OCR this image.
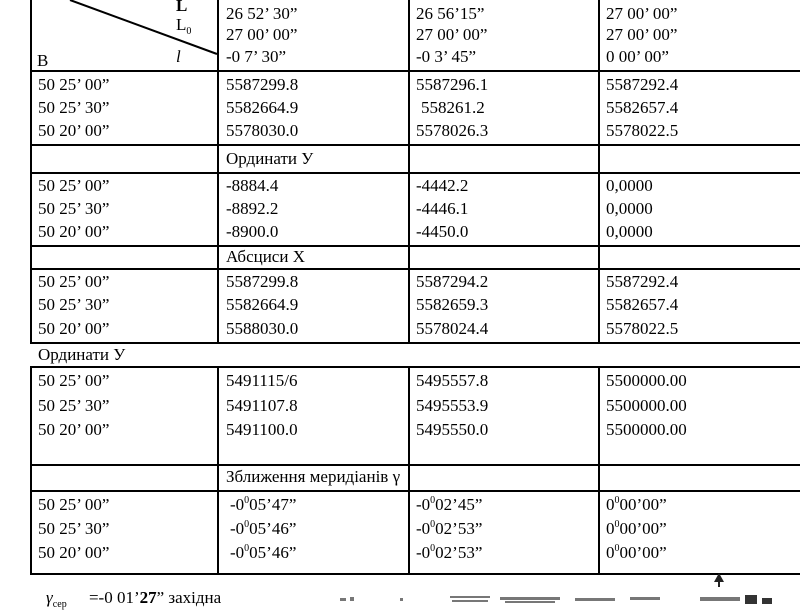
L
$L_0$
l
B
26 52’ 30”
27 00’ 00”
-0 7’ 30”
26 56’15”
27 00’ 00”
-0 3’ 45”
27 00’ 00”
27 00’ 00”
0 00’ 00”
50 25’ 00”
50 25’ 30”
50 20’ 00”
5587299.8
5582664.9
5578030.0
5587296.1
558261.2
5578026.3
5587292.4
5582657.4
5578022.5
Ординати У
50 25’ 00”
50 25’ 30”
50 20’ 00”
-8884.4
-8892.2
-8900.0
-4442.2
-4446.1
-4450.0
0,0000
0,0000
0,0000
Абсциси Х
50 25’ 00”
50 25’ 30”
50 20’ 00”
5587299.8
5582664.9
5588030.0
5587294.2
5582659.3
5578024.4
5587292.4
5582657.4
5578022.5
Ординати У
50 25’ 00”
50 25’ 30”
50 20’ 00”
5491115/6
5491107.8
5491100.0
5495557.8
5495553.9
5495550.0
5500000.00
5500000.00
5500000.00
Зближення меридіанів γ
50 25’ 00”
50 25’ 30”
50 20’ 00”
$-0^005’47$”
$-0^005’46$”
$-0^005’46$”
$-0^002’45$”
$-0^002’53$”
$-0^002’53$”
$0^000’00$”
$0^000’00$”
$0^000’00$”
$\gamma_{сер} =-0$ 01’27” західна
